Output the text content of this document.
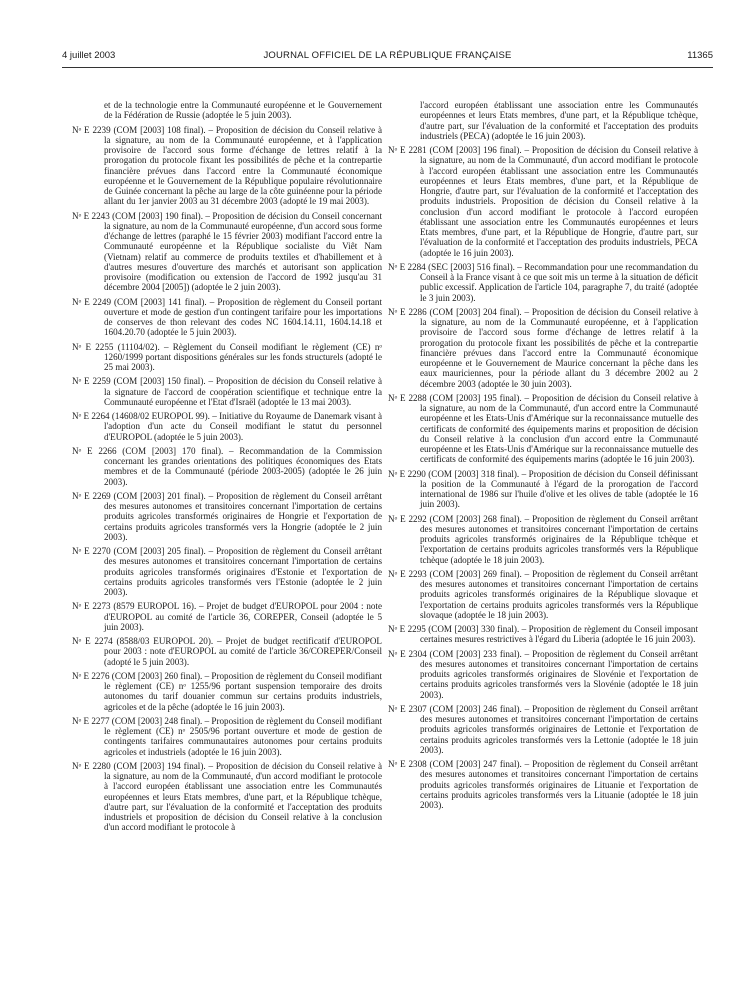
4 juillet 2003	JOURNAL OFFICIEL DE LA RÉPUBLIQUE FRANÇAISE	11365
et de la technologie entre la Communauté européenne et le Gouvernement de la Fédération de Russie (adoptée le 5 juin 2003).
Nᵒ E 2239 (COM [2003] 108 final). – Proposition de décision du Conseil relative à la signature, au nom de la Communauté européenne, et à l'application provisoire de l'accord sous forme d'échange de lettres relatif à la prorogation du protocole fixant les possibilités de pêche et la contrepartie financière prévues dans l'accord entre la Communauté économique européenne et le Gouvernement de la République populaire révolutionnaire de Guinée concernant la pêche au large de la côte guinéenne pour la période allant du 1er janvier 2003 au 31 décembre 2003 (adopté le 19 mai 2003).
Nᵒ E 2243 (COM [2003] 190 final). – Proposition de décision du Conseil concernant la signature, au nom de la Communauté européenne, d'un accord sous forme d'échange de lettres (paraphé le 15 février 2003) modifiant l'accord entre la Communauté européenne et la République socialiste du Viêt Nam (Vietnam) relatif au commerce de produits textiles et d'habillement et à d'autres mesures d'ouverture des marchés et autorisant son application provisoire (modification ou extension de l'accord de 1992 jusqu'au 31 décembre 2004 [2005]) (adoptée le 2 juin 2003).
Nᵒ E 2249 (COM [2003] 141 final). – Proposition de règlement du Conseil portant ouverture et mode de gestion d'un contingent tarifaire pour les importations de conserves de thon relevant des codes NC 1604.14.11, 1604.14.18 et 1604.20.70 (adoptée le 5 juin 2003).
Nᵒ E 2255 (11104/02). – Règlement du Conseil modifiant le règlement (CE) nᵒ 1260/1999 portant dispositions générales sur les fonds structurels (adopté le 25 mai 2003).
Nᵒ E 2259 (COM [2003] 150 final). – Proposition de décision du Conseil relative à la signature de l'accord de coopération scientifique et technique entre la Communauté européenne et l'Etat d'Israël (adoptée le 13 mai 2003).
Nᵒ E 2264 (14608/02 EUROPOL 99). – Initiative du Royaume de Danemark visant à l'adoption d'un acte du Conseil modifiant le statut du personnel d'EUROPOL (adoptée le 5 juin 2003).
Nᵒ E 2266 (COM [2003] 170 final). – Recommandation de la Commission concernant les grandes orientations des politiques économiques des Etats membres et de la Communauté (période 2003-2005) (adoptée le 26 juin 2003).
Nᵒ E 2269 (COM [2003] 201 final). – Proposition de règlement du Conseil arrêtant des mesures autonomes et transitoires concernant l'importation de certains produits agricoles transformés originaires de Hongrie et l'exportation de certains produits agricoles transformés vers la Hongrie (adoptée le 2 juin 2003).
Nᵒ E 2270 (COM [2003] 205 final). – Proposition de règlement du Conseil arrêtant des mesures autonomes et transitoires concernant l'importation de certains produits agricoles transformés originaires d'Estonie et l'exportation de certains produits agricoles transformés vers l'Estonie (adoptée le 2 juin 2003).
Nᵒ E 2273 (8579 EUROPOL 16). – Projet de budget d'EUROPOL pour 2004 : note d'EUROPOL au comité de l'article 36, COREPER, Conseil (adoptée le 5 juin 2003).
Nᵒ E 2274 (8588/03 EUROPOL 20). – Projet de budget rectificatif d'EUROPOL pour 2003 : note d'EUROPOL au comité de l'article 36/COREPER/Conseil (adopté le 5 juin 2003).
Nᵒ E 2276 (COM [2003] 260 final). – Proposition de règlement du Conseil modifiant le règlement (CE) nᵒ 1255/96 portant suspension temporaire des droits autonomes du tarif douanier commun sur certains produits industriels, agricoles et de la pêche (adoptée le 16 juin 2003).
Nᵒ E 2277 (COM [2003] 248 final). – Proposition de règlement du Conseil modifiant le règlement (CE) nᵒ 2505/96 portant ouverture et mode de gestion de contingents tarifaires communautaires autonomes pour certains produits agricoles et industriels (adoptée le 16 juin 2003).
Nᵒ E 2280 (COM [2003] 194 final). – Proposition de décision du Conseil relative à la signature, au nom de la Communauté, d'un accord modifiant le protocole à l'accord européen établissant une association entre les Communautés européennes et leurs Etats membres, d'une part, et la République tchèque, d'autre part, sur l'évaluation de la conformité et l'acceptation des produits industriels et proposition de décision du Conseil relative à la conclusion d'un accord modifiant le protocole à
l'accord européen établissant une association entre les Communautés européennes et leurs Etats membres, d'une part, et la République tchèque, d'autre part, sur l'évaluation de la conformité et l'acceptation des produits industriels (PECA) (adoptée le 16 juin 2003).
Nᵒ E 2281 (COM [2003] 196 final). – Proposition de décision du Conseil relative à la signature, au nom de la Communauté, d'un accord modifiant le protocole à l'accord européen établissant une association entre les Communautés européennes et leurs Etats membres, d'une part, et la République de Hongrie, d'autre part, sur l'évaluation de la conformité et l'acceptation des produits industriels. Proposition de décision du Conseil relative à la conclusion d'un accord modifiant le protocole à l'accord européen établissant une association entre les Communautés européennes et leurs Etats membres, d'une part, et la République de Hongrie, d'autre part, sur l'évaluation de la conformité et l'acceptation des produits industriels, PECA (adoptée le 16 juin 2003).
Nᵒ E 2284 (SEC [2003] 516 final). – Recommandation pour une recommandation du Conseil à la France visant à ce que soit mis un terme à la situation de déficit public excessif. Application de l'article 104, paragraphe 7, du traité (adoptée le 3 juin 2003).
Nᵒ E 2286 (COM [2003] 204 final). – Proposition de décision du Conseil relative à la signature, au nom de la Communauté européenne, et à l'application provisoire de l'accord sous forme d'échange de lettres relatif à la prorogation du protocole fixant les possibilités de pêche et la contrepartie financière prévues dans l'accord entre la Communauté économique européenne et le Gouvernement de Maurice concernant la pêche dans les eaux mauriciennes, pour la période allant du 3 décembre 2002 au 2 décembre 2003 (adoptée le 30 juin 2003).
Nᵒ E 2288 (COM [2003] 195 final). – Proposition de décision du Conseil relative à la signature, au nom de la Communauté, d'un accord entre la Communauté européenne et les Etats-Unis d'Amérique sur la reconnaissance mutuelle des certificats de conformité des équipements marins et proposition de décision du Conseil relative à la conclusion d'un accord entre la Communauté européenne et les Etats-Unis d'Amérique sur la reconnaissance mutuelle des certificats de conformité des équipements marins (adoptée le 16 juin 2003).
Nᵒ E 2290 (COM [2003] 318 final). – Proposition de décision du Conseil définissant la position de la Communauté à l'égard de la prorogation de l'accord international de 1986 sur l'huile d'olive et les olives de table (adoptée le 16 juin 2003).
Nᵒ E 2292 (COM [2003] 268 final). – Proposition de règlement du Conseil arrêtant des mesures autonomes et transitoires concernant l'importation de certains produits agricoles transformés originaires de la République tchèque et l'exportation de certains produits agricoles transformés vers la République tchèque (adoptée le 18 juin 2003).
Nᵒ E 2293 (COM [2003] 269 final). – Proposition de règlement du Conseil arrêtant des mesures autonomes et transitoires concernant l'importation de certains produits agricoles transformés originaires de la République slovaque et l'exportation de certains produits agricoles transformés vers la République slovaque (adoptée le 18 juin 2003).
Nᵒ E 2295 (COM [2003] 330 final). – Proposition de règlement du Conseil imposant certaines mesures restrictives à l'égard du Liberia (adoptée le 16 juin 2003).
Nᵒ E 2304 (COM [2003] 233 final). – Proposition de règlement du Conseil arrêtant des mesures autonomes et transitoires concernant l'importation de certains produits agricoles transformés originaires de Slovénie et l'exportation de certains produits agricoles transformés vers la Slovénie (adoptée le 18 juin 2003).
Nᵒ E 2307 (COM [2003] 246 final). – Proposition de règlement du Conseil arrêtant des mesures autonomes et transitoires concernant l'importation de certains produits agricoles transformés originaires de Lettonie et l'exportation de certains produits agricoles transformés vers la Lettonie (adoptée le 18 juin 2003).
Nᵒ E 2308 (COM [2003] 247 final). – Proposition de règlement du Conseil arrêtant des mesures autonomes et transitoires concernant l'importation de certains produits agricoles transformés originaires de Lituanie et l'exportation de certains produits agricoles transformés vers la Lituanie (adoptée le 18 juin 2003).
